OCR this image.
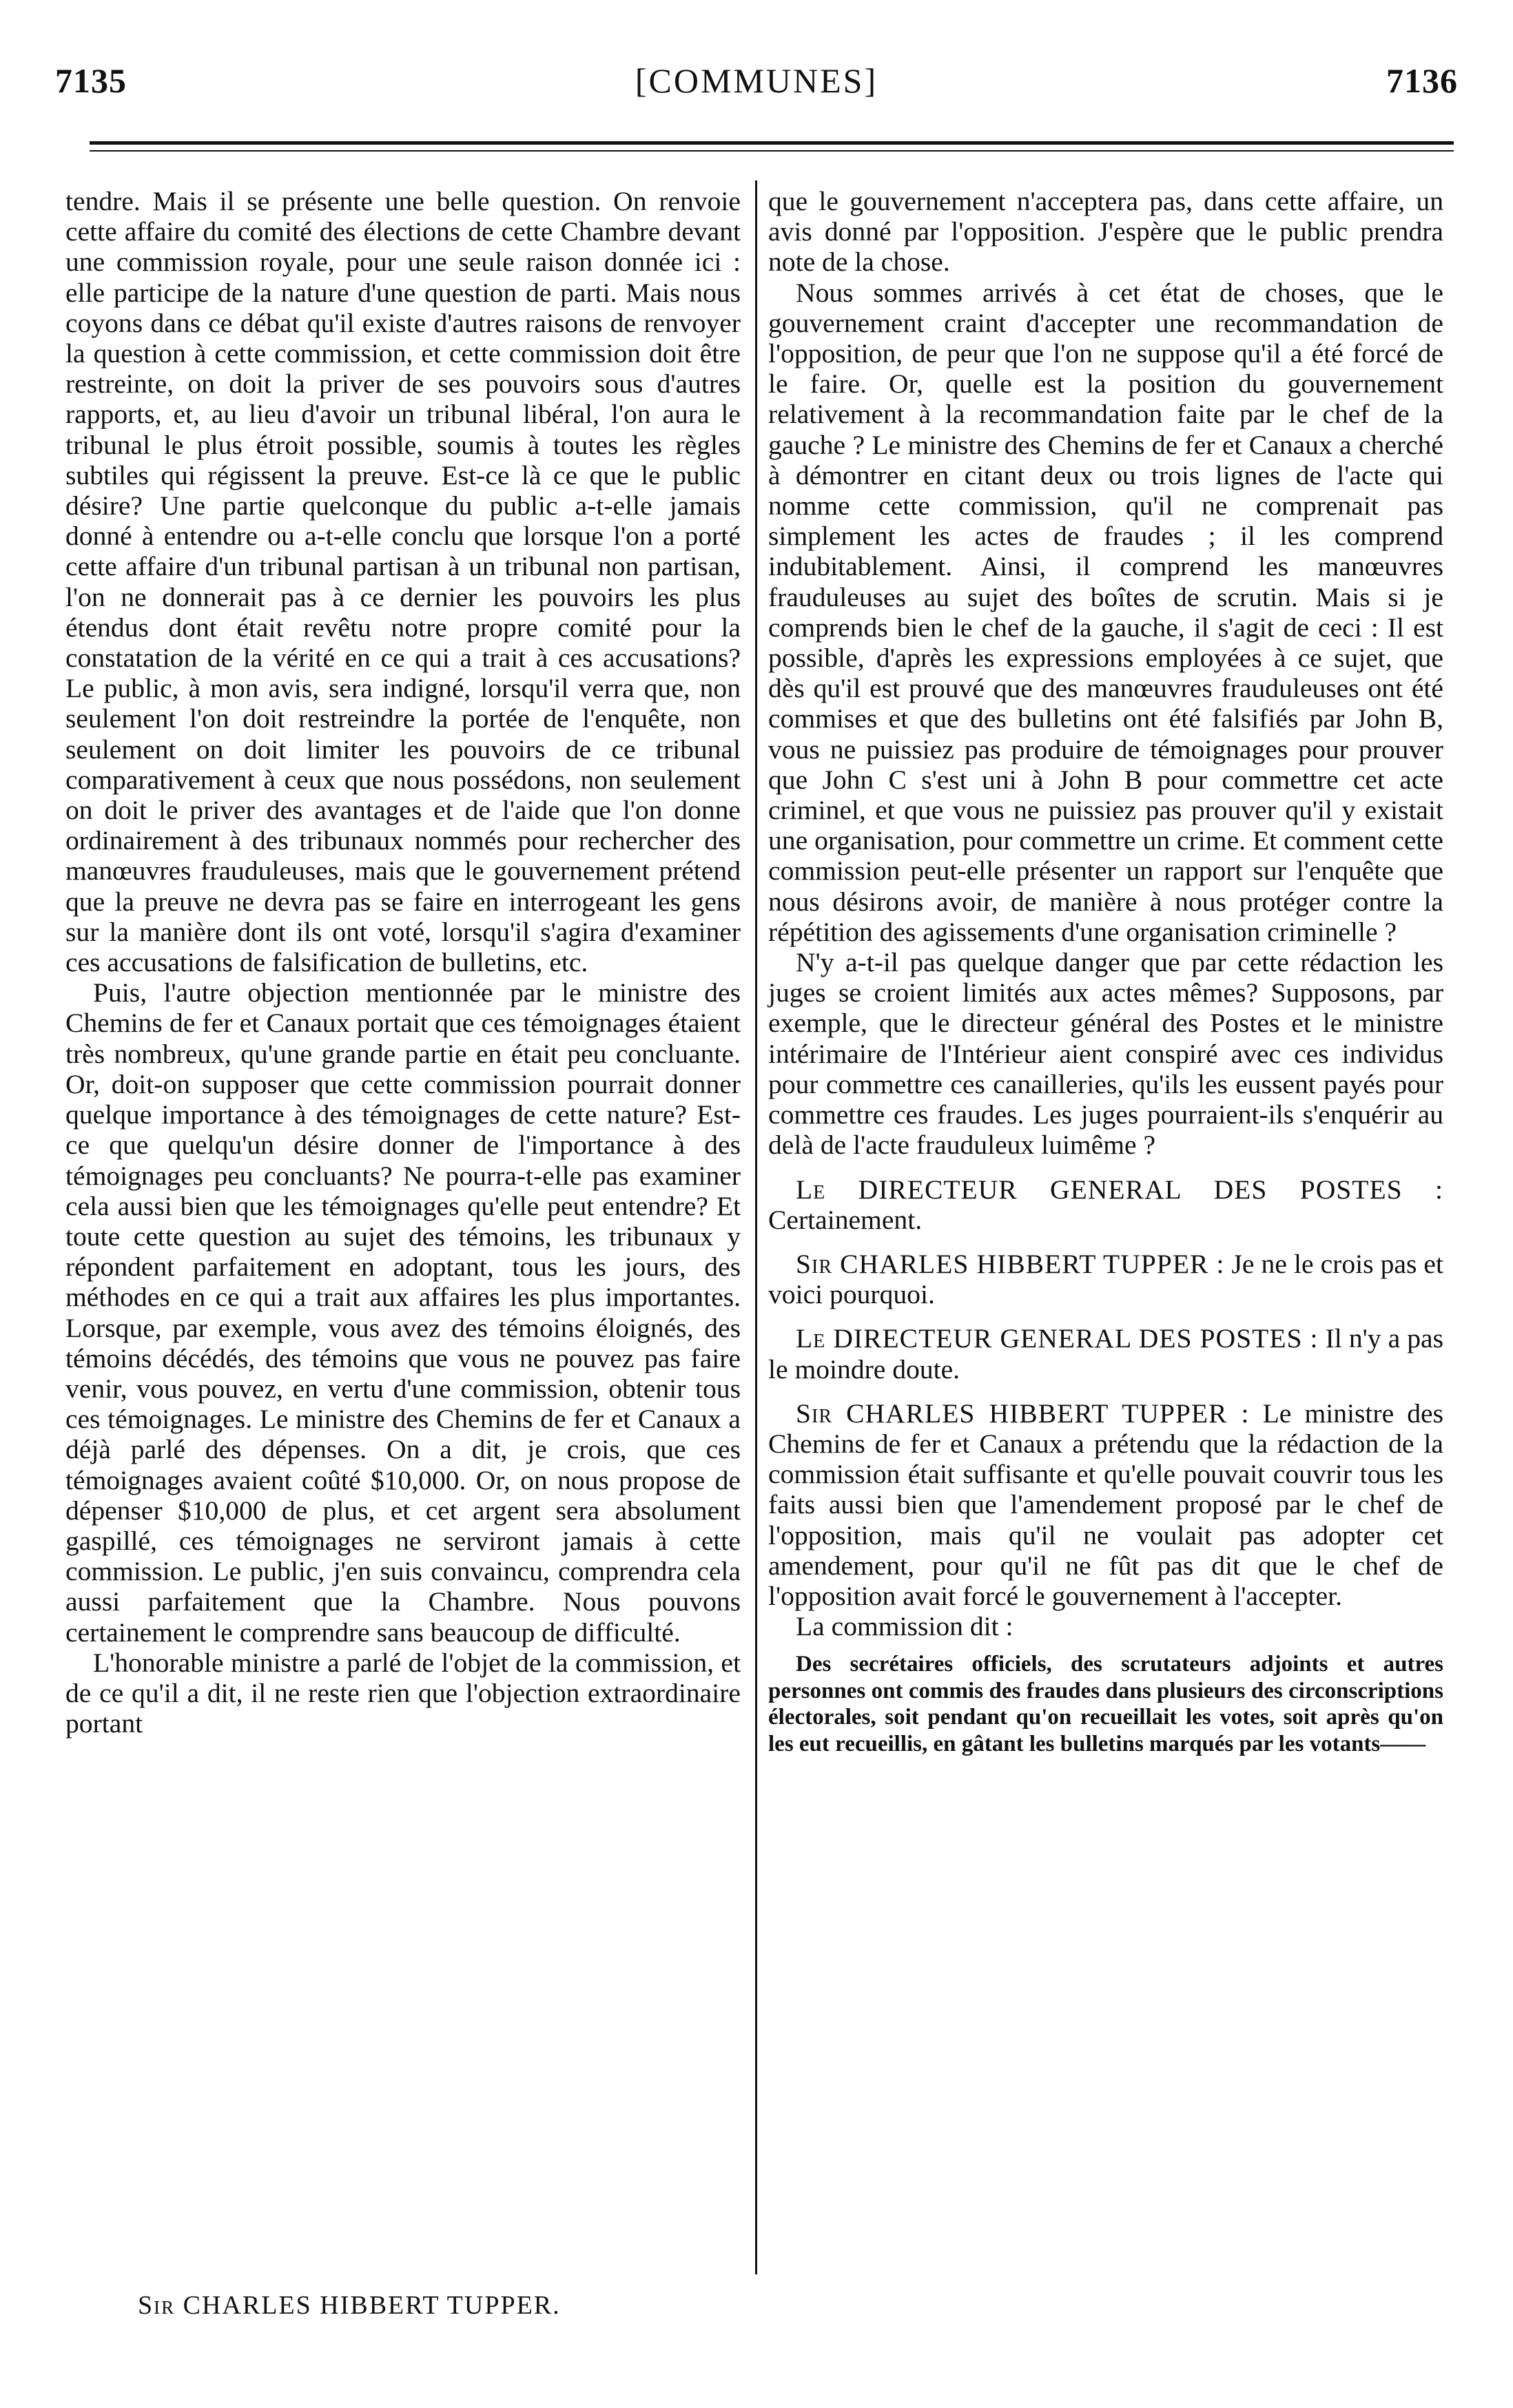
7135	[COMMUNES]	7136

tendre. Mais il se présente une belle question. On renvoie cette affaire du comité des élections de cette Chambre devant une commission royale, pour une seule raison donnée ici : elle participe de la nature d'une question de parti. Mais nous coyons dans ce débat qu'il existe d'autres raisons de renvoyer la question à cette commission, et cette commission doit être restreinte, on doit la priver de ses pouvoirs sous d'autres rapports, et, au lieu d'avoir un tribunal libéral, l'on aura le tribunal le plus étroit possible, soumis à toutes les règles subtiles qui régissent la preuve. Est-ce là ce que le public désire? Une partie quelconque du public a-t-elle jamais donné à entendre ou a-t-elle conclu que lorsque l'on a porté cette affaire d'un tribunal partisan à un tribunal non partisan, l'on ne donnerait pas à ce dernier les pouvoirs les plus étendus dont était revêtu notre propre comité pour la constatation de la vérité en ce qui a trait à ces accusations? Le public, à mon avis, sera indigné, lorsqu'il verra que, non seulement l'on doit restreindre la portée de l'enquête, non seulement on doit limiter les pouvoirs de ce tribunal comparativement à ceux que nous possédons, non seulement on doit le priver des avantages et de l'aide que l'on donne ordinairement à des tribunaux nommés pour rechercher des manœuvres frauduleuses, mais que le gouvernement prétend que la preuve ne devra pas se faire en interrogeant les gens sur la manière dont ils ont voté, lorsqu'il s'agira d'examiner ces accusations de falsification de bulletins, etc.

Puis, l'autre objection mentionnée par le ministre des Chemins de fer et Canaux portait que ces témoignages étaient très nombreux, qu'une grande partie en était peu concluante. Or, doit-on supposer que cette commission pourrait donner quelque importance à des témoignages de cette nature? Est-ce que quelqu'un désire donner de l'importance à des témoignages peu concluants? Ne pourra-t-elle pas examiner cela aussi bien que les témoignages qu'elle peut entendre? Et toute cette question au sujet des témoins, les tribunaux y répondent parfaitement en adoptant, tous les jours, des méthodes en ce qui a trait aux affaires les plus importantes. Lorsque, par exemple, vous avez des témoins éloignés, des témoins décédés, des témoins que vous ne pouvez pas faire venir, vous pouvez, en vertu d'une commission, obtenir tous ces témoignages. Le ministre des Chemins de fer et Canaux a déjà parlé des dépenses. On a dit, je crois, que ces témoignages avaient coûté $10,000. Or, on nous propose de dépenser $10,000 de plus, et cet argent sera absolument gaspillé, ces témoignages ne serviront jamais à cette commission. Le public, j'en suis convaincu, comprendra cela aussi parfaitement que la Chambre. Nous pouvons certainement le comprendre sans beaucoup de difficulté.

L'honorable ministre a parlé de l'objet de la commission, et de ce qu'il a dit, il ne reste rien que l'objection extraordinaire portant

que le gouvernement n'acceptera pas, dans cette affaire, un avis donné par l'opposition. J'espère que le public prendra note de la chose.

Nous sommes arrivés à cet état de choses, que le gouvernement craint d'accepter une recommandation de l'opposition, de peur que l'on ne suppose qu'il a été forcé de le faire. Or, quelle est la position du gouvernement relativement à la recommandation faite par le chef de la gauche ? Le ministre des Chemins de fer et Canaux a cherché à démontrer en citant deux ou trois lignes de l'acte qui nomme cette commission, qu'il ne comprenait pas simplement les actes de fraudes ; il les comprend indubitablement. Ainsi, il comprend les manœuvres frauduleuses au sujet des boîtes de scrutin. Mais si je comprends bien le chef de la gauche, il s'agit de ceci : Il est possible, d'après les expressions employées à ce sujet, que dès qu'il est prouvé que des manœuvres frauduleuses ont été commises et que des bulletins ont été falsifiés par John B, vous ne puissiez pas produire de témoignages pour prouver que John C s'est uni à John B pour commettre cet acte criminel, et que vous ne puissiez pas prouver qu'il y existait une organisation, pour commettre un crime. Et comment cette commission peut-elle présenter un rapport sur l'enquête que nous désirons avoir, de manière à nous protéger contre la répétition des agissements d'une organisation criminelle ?

N'y a-t-il pas quelque danger que par cette rédaction les juges se croient limités aux actes mêmes? Supposons, par exemple, que le directeur général des Postes et le ministre intérimaire de l'Intérieur aient conspiré avec ces individus pour commettre ces canailleries, qu'ils les eussent payés pour commettre ces fraudes. Les juges pourraient-ils s'enquérir au delà de l'acte frauduleux luimême ?

Le DIRECTEUR GENERAL DES POSTES : Certainement.

Sir CHARLES HIBBERT TUPPER : Je ne le crois pas et voici pourquoi.

Le DIRECTEUR GENERAL DES POSTES : Il n'y a pas le moindre doute.

Sir CHARLES HIBBERT TUPPER : Le ministre des Chemins de fer et Canaux a prétendu que la rédaction de la commission était suffisante et qu'elle pouvait couvrir tous les faits aussi bien que l'amendement proposé par le chef de l'opposition, mais qu'il ne voulait pas adopter cet amendement, pour qu'il ne fût pas dit que le chef de l'opposition avait forcé le gouvernement à l'accepter.

La commission dit :

Des secrétaires officiels, des scrutateurs adjoints et autres personnes ont commis des fraudes dans plusieurs des circonscriptions électorales, soit pendant qu'on recueillait les votes, soit après qu'on les eut recueillis, en gâtant les bulletins marqués par les votants——

Sir CHARLES HIBBERT TUPPER.
